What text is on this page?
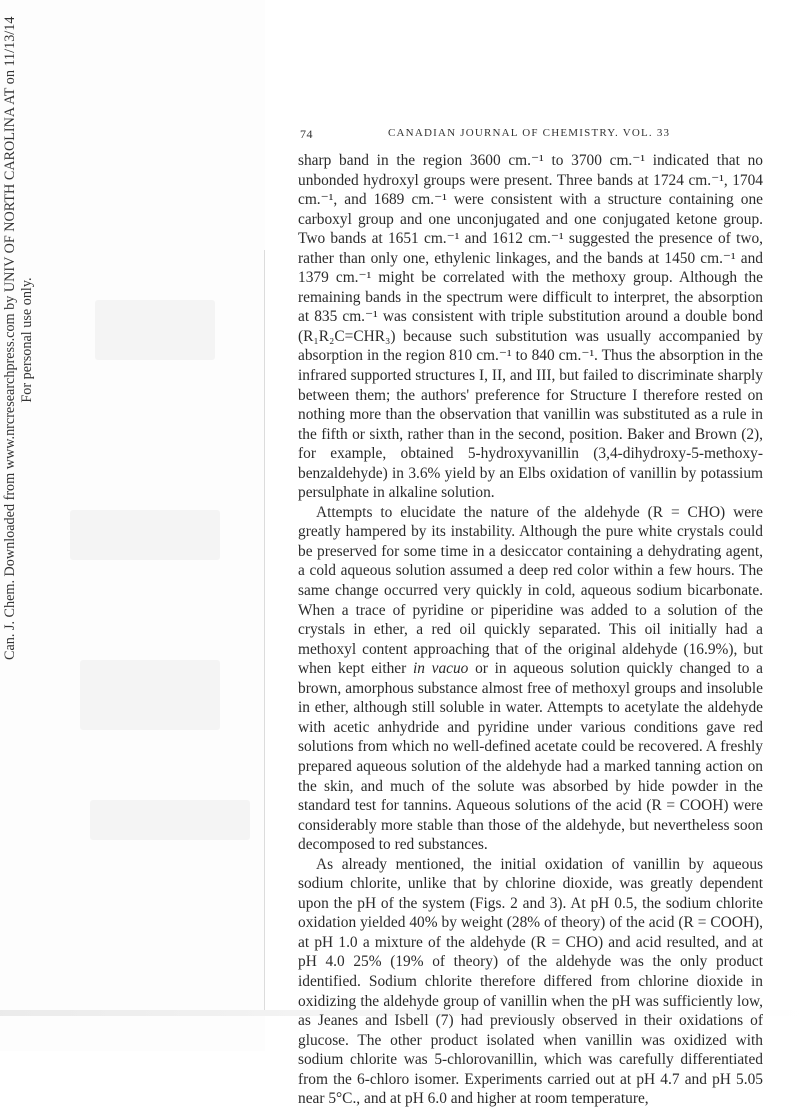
Can. J. Chem. Downloaded from www.nrcresearchpress.com by UNIV OF NORTH CAROLINA AT on 11/13/14 For personal use only.
74	CANADIAN JOURNAL OF CHEMISTRY. VOL. 33

sharp band in the region 3600 cm.⁻¹ to 3700 cm.⁻¹ indicated that no unbonded hydroxyl groups were present. Three bands at 1724 cm.⁻¹, 1704 cm.⁻¹, and 1689 cm.⁻¹ were consistent with a structure containing one carboxyl group and one unconjugated and one conjugated ketone group. Two bands at 1651 cm.⁻¹ and 1612 cm.⁻¹ suggested the presence of two, rather than only one, ethylenic linkages, and the bands at 1450 cm.⁻¹ and 1379 cm.⁻¹ might be correlated with the methoxy group. Although the remaining bands in the spectrum were difficult to interpret, the absorption at 835 cm.⁻¹ was consistent with triple substitution around a double bond (R₁R₂C=CHR₃) because such substitution was usually accompanied by absorption in the region 810 cm.⁻¹ to 840 cm.⁻¹. Thus the absorption in the infrared supported structures I, II, and III, but failed to discriminate sharply between them; the authors' preference for Structure I therefore rested on nothing more than the observation that vanillin was substituted as a rule in the fifth or sixth, rather than in the second, position. Baker and Brown (2), for example, obtained 5-hydroxyvanillin (3,4-dihydroxy-5-methoxy-benzaldehyde) in 3.6% yield by an Elbs oxidation of vanillin by potassium persulphate in alkaline solution.

Attempts to elucidate the nature of the aldehyde (R = CHO) were greatly hampered by its instability. Although the pure white crystals could be preserved for some time in a desiccator containing a dehydrating agent, a cold aqueous solution assumed a deep red color within a few hours. The same change occurred very quickly in cold, aqueous sodium bicarbonate. When a trace of pyridine or piperidine was added to a solution of the crystals in ether, a red oil quickly separated. This oil initially had a methoxyl content approaching that of the original aldehyde (16.9%), but when kept either in vacuo or in aqueous solution quickly changed to a brown, amorphous substance almost free of methoxyl groups and insoluble in ether, although still soluble in water. Attempts to acetylate the aldehyde with acetic anhydride and pyridine under various conditions gave red solutions from which no well-defined acetate could be recovered. A freshly prepared aqueous solution of the aldehyde had a marked tanning action on the skin, and much of the solute was absorbed by hide powder in the standard test for tannins. Aqueous solutions of the acid (R = COOH) were considerably more stable than those of the aldehyde, but nevertheless soon decomposed to red substances.

As already mentioned, the initial oxidation of vanillin by aqueous sodium chlorite, unlike that by chlorine dioxide, was greatly dependent upon the pH of the system (Figs. 2 and 3). At pH 0.5, the sodium chlorite oxidation yielded 40% by weight (28% of theory) of the acid (R = COOH), at pH 1.0 a mixture of the aldehyde (R = CHO) and acid resulted, and at pH 4.0 25% (19% of theory) of the aldehyde was the only product identified. Sodium chlorite therefore differed from chlorine dioxide in oxidizing the aldehyde group of vanillin when the pH was sufficiently low, as Jeanes and Isbell (7) had previously observed in their oxidations of glucose. The other product isolated when vanillin was oxidized with sodium chlorite was 5-chlorovanillin, which was carefully differentiated from the 6-chloro isomer. Experiments carried out at pH 4.7 and pH 5.05 near 5°C., and at pH 6.0 and higher at room temperature,
